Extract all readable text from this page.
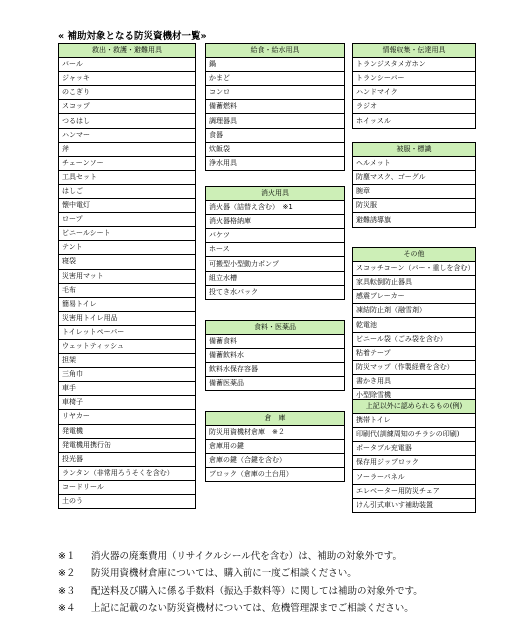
« 補助対象となる防災資機材一覧»
救出・救護・避難用具
バール
ジャッキ
のこぎり
スコップ
つるはし
ハンマー
斧
チェーンソー
工具セット
はしご
懐中電灯
ロープ
ビニールシート
テント
寝袋
災害用マット
毛布
簡易トイレ
災害用トイレ用品
トイレットペーパー
ウェットティッシュ
担架
三角巾
車手
車椅子
リヤカー
発電機
発電機用携行缶
投光器
ランタン（非常用ろうそくを含む）
コードリール
土のう
給食・給水用具
鍋
かまど
コンロ
備蓄燃料
調理器具
食器
炊飯袋
浄水用具
消火用具
消火器（詰替え含む）　※1
消火器格納庫
バケツ
ホース
可搬型小型動力ポンプ
組立水槽
投てき水パック
食料・医薬品
備蓄食料
備蓄飲料水
飲料水保存容器
備蓄医薬品
倉　庫
防災用資機材倉庫　※２
倉庫用の鍵
倉庫の鍵（合鍵を含む）
ブロック（倉庫の土台用）
情報収集・伝達用具
トランジスタメガホン
トランシーバー
ハンドマイク
ラジオ
ホイッスル
被服・標識
ヘルメット
防塵マスク、ゴーグル
腕章
防災服
避難誘導旗
その他
スコッチコーン（バー・重しを含む）
家具転倒防止器具
感震ブレーカー
凍結防止剤（融雪剤）
乾電池
ビニール袋（ごみ袋を含む）
粘着テープ
防災マップ（作製経費を含む）
書かき用具
小型除雪機
上記以外に認められるもの(例)
携帯トイレ
印刷代(訓練周知のチラシの印刷)
ポータブル充電器
保存用ジップロック
ソーラーパネル
エレベーター用防災チェア
けん引式車いす補助装置
※１	消火器の廃棄費用（リサイクルシール代を含む）は、補助の対象外です。
※２	防災用資機材倉庫については、購入前に一度ご相談ください。
※３	配送料及び購入に係る手数料（振込手数料等）に関しては補助の対象外です。
※４	上記に記載のない防災資機材については、危機管理課までご相談ください。
